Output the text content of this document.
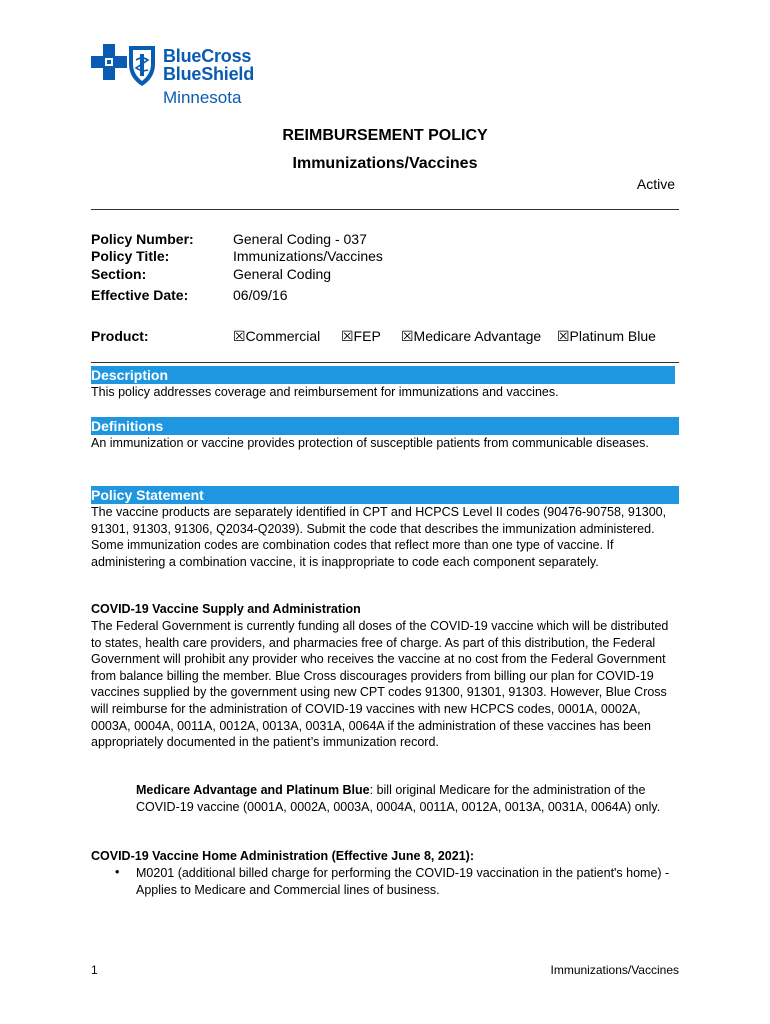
BlueCross
BlueShield
Minnesota
REIMBURSEMENT POLICY
Immunizations/Vaccines
Active
Policy Number:	General Coding - 037
Policy Title:	Immunizations/Vaccines
Section:	General Coding
Effective Date:	06/09/16
Product:	☒Commercial ☒FEP ☒Medicare Advantage ☒Platinum Blue
Description
This policy addresses coverage and reimbursement for immunizations and vaccines.
Definitions
An immunization or vaccine provides protection of susceptible patients from communicable diseases.
Policy Statement
The vaccine products are separately identified in CPT and HCPCS Level II codes (90476-90758, 91300, 91301, 91303, 91306, Q2034-Q2039). Submit the code that describes the immunization administered. Some immunization codes are combination codes that reflect more than one type of vaccine. If administering a combination vaccine, it is inappropriate to code each component separately.
COVID-19 Vaccine Supply and Administration
The Federal Government is currently funding all doses of the COVID-19 vaccine which will be distributed to states, health care providers, and pharmacies free of charge. As part of this distribution, the Federal Government will prohibit any provider who receives the vaccine at no cost from the Federal Government from balance billing the member. Blue Cross discourages providers from billing our plan for COVID-19 vaccines supplied by the government using new CPT codes 91300, 91301, 91303. However, Blue Cross will reimburse for the administration of COVID-19 vaccines with new HCPCS codes, 0001A, 0002A, 0003A, 0004A, 0011A, 0012A, 0013A, 0031A, 0064A if the administration of these vaccines has been appropriately documented in the patient’s immunization record.
Medicare Advantage and Platinum Blue: bill original Medicare for the administration of the COVID-19 vaccine (0001A, 0002A, 0003A, 0004A, 0011A, 0012A, 0013A, 0031A, 0064A) only.
COVID-19 Vaccine Home Administration (Effective June 8, 2021):
• M0201 (additional billed charge for performing the COVID-19 vaccination in the patient's home) - Applies to Medicare and Commercial lines of business.
1	Immunizations/Vaccines
